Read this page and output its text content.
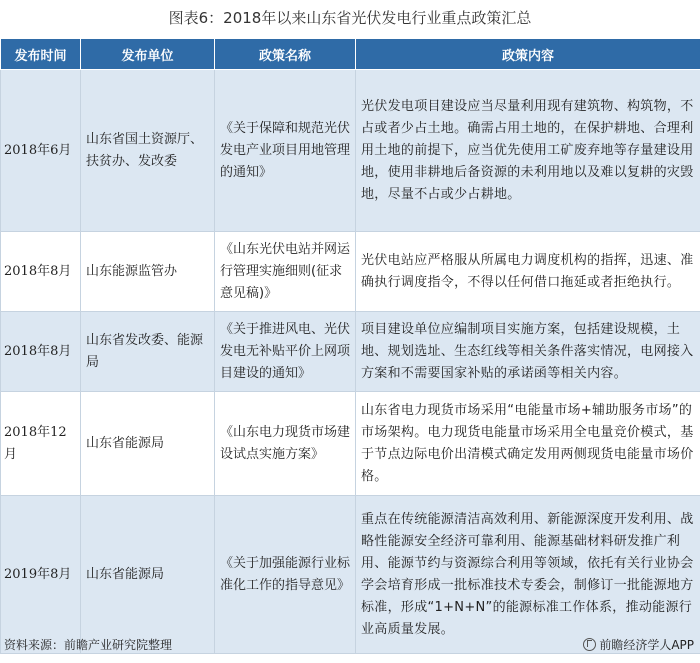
图表6：2018年以来山东省光伏发电行业重点政策汇总
发布时间	发布单位	政策名称	政策内容
2018年6月	山东省国土资源厅、扶贫办、发改委	《关于保障和规范光伏发电产业项目用地管理的通知》	光伏发电项目建设应当尽量利用现有建筑物、构筑物，不占或者少占土地。确需占用土地的，在保护耕地、合理利用土地的前提下，应当优先使用工矿废弃地等存量建设用地，使用非耕地后备资源的未利用地以及难以复耕的灾毁地，尽量不占或少占耕地。
2018年8月	山东能源监管办	《山东光伏电站并网运行管理实施细则(征求意见稿)》	光伏电站应严格服从所属电力调度机构的指挥，迅速、准确执行调度指令，不得以任何借口拖延或者拒绝执行。
2018年8月	山东省发改委、能源局	《关于推进风电、光伏发电无补贴平价上网项目建设的通知》	项目建设单位应编制项目实施方案，包括建设规模，土地、规划选址、生态红线等相关条件落实情况，电网接入方案和不需要国家补贴的承诺函等相关内容。
2018年12月	山东省能源局	《山东电力现货市场建设试点实施方案》	山东省电力现货市场采用“电能量市场+辅助服务市场”的市场架构。电力现货电能量市场采用全电量竞价模式，基于节点边际电价出清模式确定发用两侧现货电能量市场价格。
2019年8月	山东省能源局	《关于加强能源行业标准化工作的指导意见》	重点在传统能源清洁高效利用、新能源深度开发利用、战略性能源安全经济可靠利用、能源基础材料研发推广利用、能源节约与资源综合利用等领域，依托有关行业协会学会培育形成一批标准技术专委会，制修订一批能源地方标准，形成“1+N+N”的能源标准工作体系，推动能源行业高质量发展。
资料来源：前瞻产业研究院整理	前瞻经济学人APP
